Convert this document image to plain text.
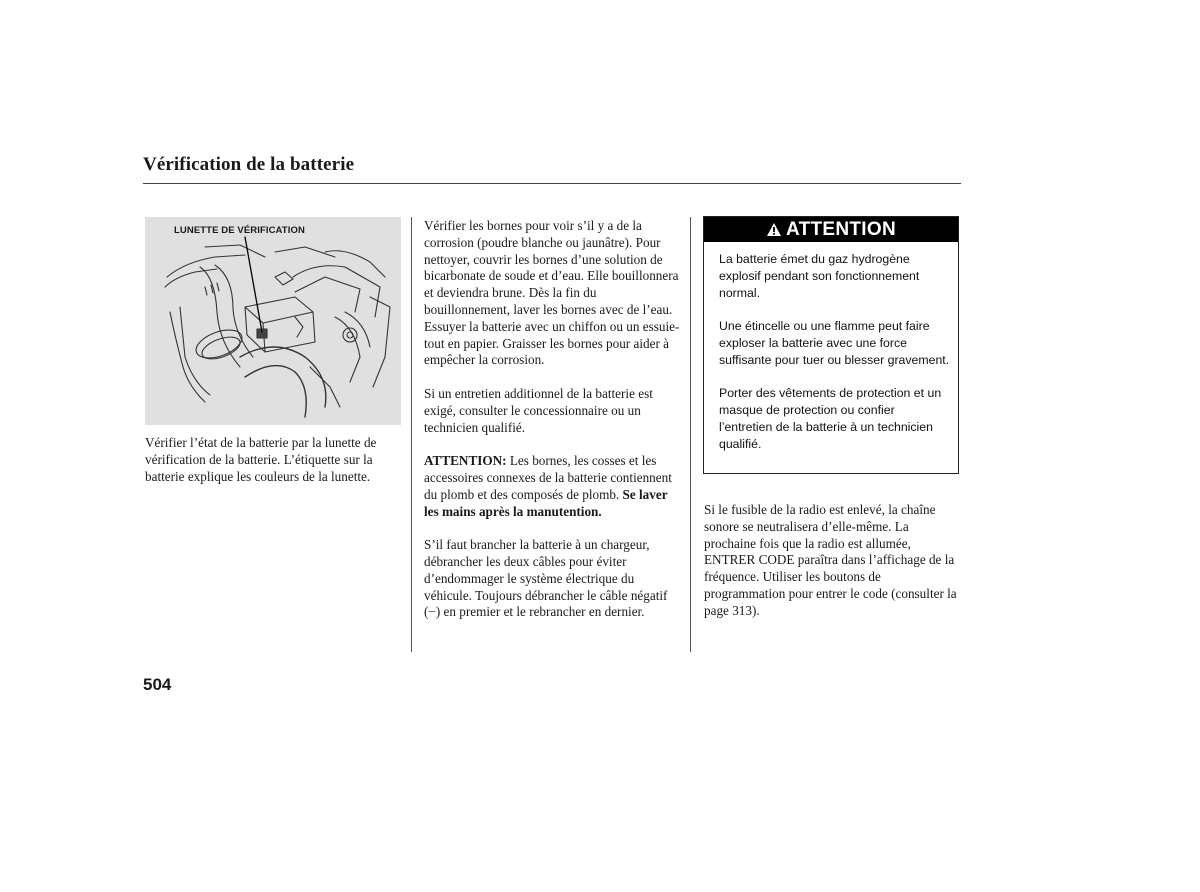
Vérification de la batterie
LUNETTE DE VÉRIFICATION

Vérifier l’état de la batterie par la lunette de vérification de la batterie. L’étiquette sur la batterie explique les couleurs de la lunette.

Vérifier les bornes pour voir s’il y a de la corrosion (poudre blanche ou jaunâtre). Pour nettoyer, couvrir les bornes d’une solution de bicarbonate de soude et d’eau. Elle bouillonnera et deviendra brune. Dès la fin du bouillonnement, laver les bornes avec de l’eau. Essuyer la batterie avec un chiffon ou un essuie-tout en papier. Graisser les bornes pour aider à empêcher la corrosion.

Si un entretien additionnel de la batterie est exigé, consulter le concessionnaire ou un technicien qualifié.

ATTENTION: Les bornes, les cosses et les accessoires connexes de la batterie contiennent du plomb et des composés de plomb. Se laver les mains après la manutention.

S’il faut brancher la batterie à un chargeur, débrancher les deux câbles pour éviter d’endommager le système électrique du véhicule. Toujours débrancher le câble négatif (−) en premier et le rebrancher en dernier.

ATTENTION

La batterie émet du gaz hydrogène explosif pendant son fonctionnement normal.

Une étincelle ou une flamme peut faire exploser la batterie avec une force suffisante pour tuer ou blesser gravement.

Porter des vêtements de protection et un masque de protection ou confier l’entretien de la batterie à un technicien qualifié.

Si le fusible de la radio est enlevé, la chaîne sonore se neutralisera d’elle-même. La prochaine fois que la radio est allumée, ENTRER CODE paraîtra dans l’affichage de la fréquence. Utiliser les boutons de programmation pour entrer le code (consulter la page 313).

504
